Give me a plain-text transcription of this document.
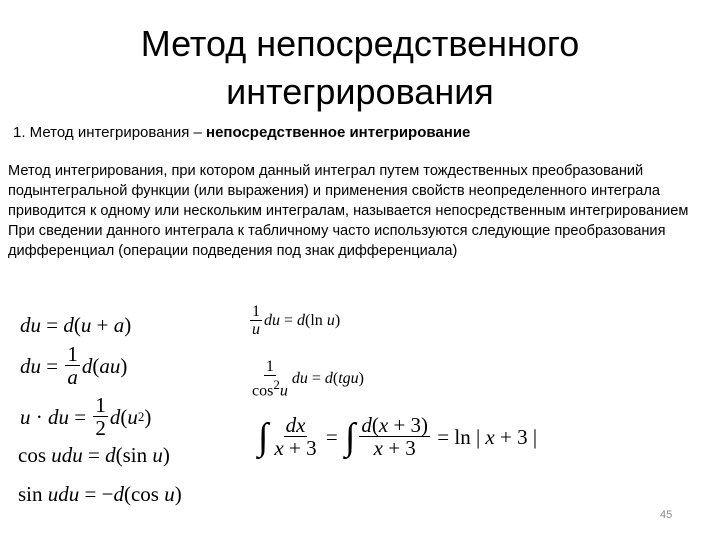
Метод непосредственного
интегрирования
1. Метод интегрирования – непосредственное интегрирование

Метод интегрирования, при котором данный интеграл путем тождественных преобразований подынтегральной функции (или выражения) и применения свойств неопределенного интеграла приводится к одному или нескольким интегралам, называется непосредственным интегрированием

При сведении данного интеграла к табличному часто используются следующие преобразования дифференциал (операции подведения под знак дифференциала)

du = d ( u + a )
du = $\frac{1}{a}$ d ( au )
u · du = $\frac{1}{2}$ d ( u 2 )
cos udu = d (sin u )
sin udu = − d (cos u )
$\frac{1}{u}$ du = d(ln u)
$\frac{1}{\cos^2u}$ du = d(tgu)
∫ $\frac{dx}{x + 3}$ = ∫ $\frac{d(x + 3)}{x + 3} = \ln$ | x + 3 |
45
